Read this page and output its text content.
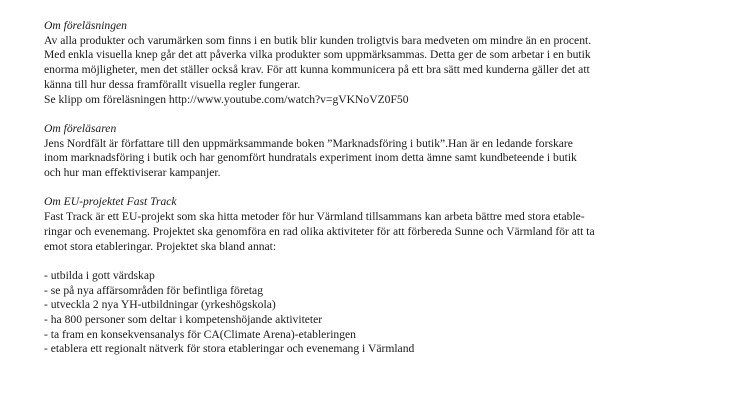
Om föreläsningen
Av alla produkter och varumärken som finns i en butik blir kunden troligtvis bara medveten om mindre än en procent.
Med enkla visuella knep går det att påverka vilka produkter som uppmärksammas. Detta ger de som arbetar i en butik
enorma möjligheter, men det ställer också krav. För att kunna kommunicera på ett bra sätt med kunderna gäller det att
känna till hur dessa framförallt visuella regler fungerar.
Se klipp om föreläsningen http://www.youtube.com/watch?v=gVKNoVZ0F50
Om föreläsaren
Jens Nordfält är författare till den uppmärksammande boken ”Marknadsföring i butik”.Han är en ledande forskare
inom marknadsföring i butik och har genomfört hundratals experiment inom detta ämne samt kundbeteende i butik
och hur man effektiviserar kampanjer.
Om EU-projektet Fast Track
Fast Track är ett EU-projekt som ska hitta metoder för hur Värmland tillsammans kan arbeta bättre med stora etable-
ringar och evenemang. Projektet ska genomföra en rad olika aktiviteter för att förbereda Sunne och Värmland för att ta
emot stora etableringar. Projektet ska bland annat:
- utbilda i gott värdskap
- se på nya affärsområden för befintliga företag
- utveckla 2 nya YH-utbildningar (yrkeshögskola)
- ha 800 personer som deltar i kompetenshöjande aktiviteter
- ta fram en konsekvensanalys för CA(Climate Arena)-etableringen
- etablera ett regionalt nätverk för stora etableringar och evenemang i Värmland
